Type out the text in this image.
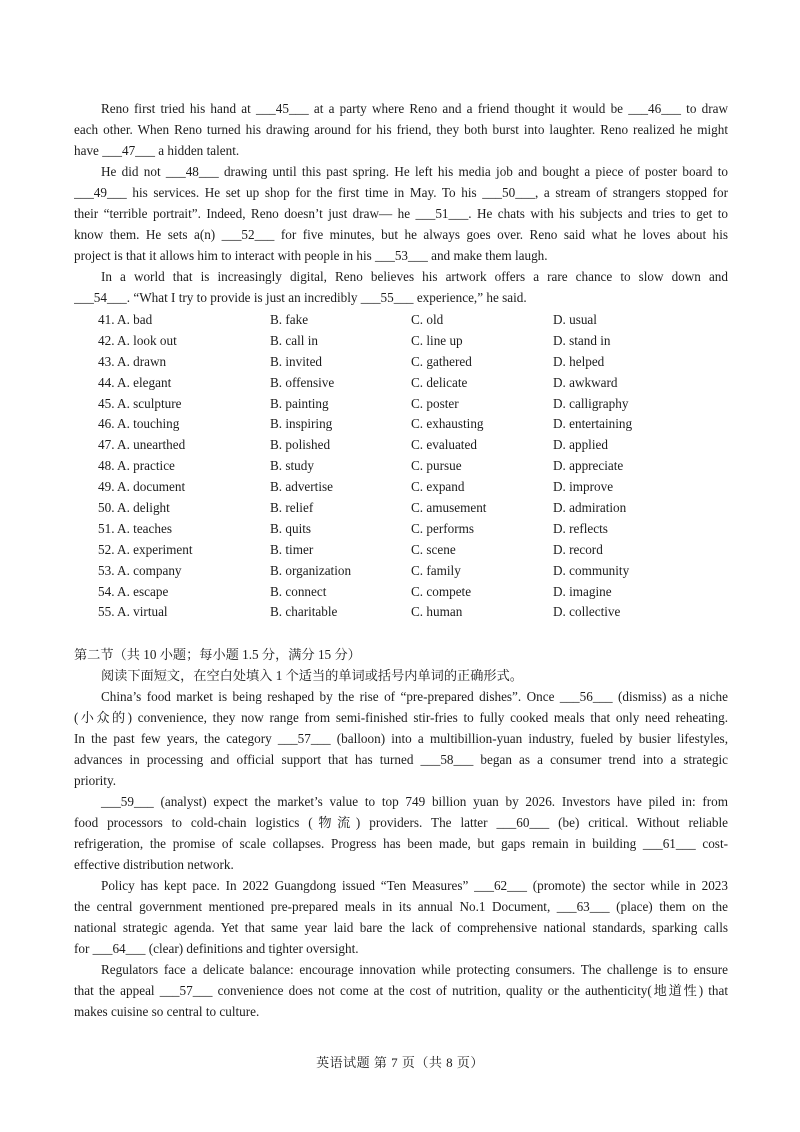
Reno first tried his hand at ___45___ at a party where Reno and a friend thought it would be ___46___ to draw
each other. When Reno turned his drawing around for his friend, they both burst into laughter. Reno realized he might
have ___47___ a hidden talent.
He did not ___48___ drawing until this past spring. He left his media job and bought a piece of poster board to
___49___ his services. He set up shop for the first time in May. To his ___50___, a stream of strangers stopped for
their “terrible portrait”. Indeed, Reno doesn’t just draw— he ___51___. He chats with his subjects and tries to get to
know them. He sets a(n) ___52___ for five minutes, but he always goes over. Reno said what he loves about his
project is that it allows him to interact with people in his ___53___ and make them laugh.
In a world that is increasingly digital, Reno believes his artwork offers a rare chance to slow down and
___54___. “What I try to provide is just an incredibly ___55___ experience,” he said.
41. A. bad	B. fake	C. old	D. usual
42. A. look out	B. call in	C. line up	D. stand in
43. A. drawn	B. invited	C. gathered	D. helped
44. A. elegant	B. offensive	C. delicate	D. awkward
45. A. sculpture	B. painting	C. poster	D. calligraphy
46. A. touching	B. inspiring	C. exhausting	D. entertaining
47. A. unearthed	B. polished	C. evaluated	D. applied
48. A. practice	B. study	C. pursue	D. appreciate
49. A. document	B. advertise	C. expand	D. improve
50. A. delight	B. relief	C. amusement	D. admiration
51. A. teaches	B. quits	C. performs	D. reflects
52. A. experiment	B. timer	C. scene	D. record
53. A. company	B. organization	C. family	D. community
54. A. escape	B. connect	C. compete	D. imagine
55. A. virtual	B. charitable	C. human	D. collective
第二节（共 10 小题；每小题 1.5 分，满分 15 分）
阅读下面短文，在空白处填入 1 个适当的单词或括号内单词的正确形式。
China’s food market is being reshaped by the rise of “pre-prepared dishes”. Once ___56___ (dismiss) as a niche
(小众的) convenience, they now range from semi-finished stir-fries to fully cooked meals that only need reheating.
In the past few years, the category ___57___ (balloon) into a multibillion-yuan industry, fueled by busier lifestyles,
advances in processing and official support that has turned ___58___ began as a consumer trend into a strategic
priority.
___59___ (analyst) expect the market’s value to top 749 billion yuan by 2026. Investors have piled in: from
food processors to cold-chain logistics (物流) providers. The latter ___60___ (be) critical. Without reliable
refrigeration, the promise of scale collapses. Progress has been made, but gaps remain in building ___61___ cost-
effective distribution network.
Policy has kept pace. In 2022 Guangdong issued “Ten Measures” ___62___ (promote) the sector while in 2023
the central government mentioned pre-prepared meals in its annual No.1 Document, ___63___ (place) them on the
national strategic agenda. Yet that same year laid bare the lack of comprehensive national standards, sparking calls
for ___64___ (clear) definitions and tighter oversight.
Regulators face a delicate balance: encourage innovation while protecting consumers. The challenge is to ensure
that the appeal ___57___ convenience does not come at the cost of nutrition, quality or the authenticity(地道性) that
makes cuisine so central to culture.
英语试题 第 7 页（共 8 页）
